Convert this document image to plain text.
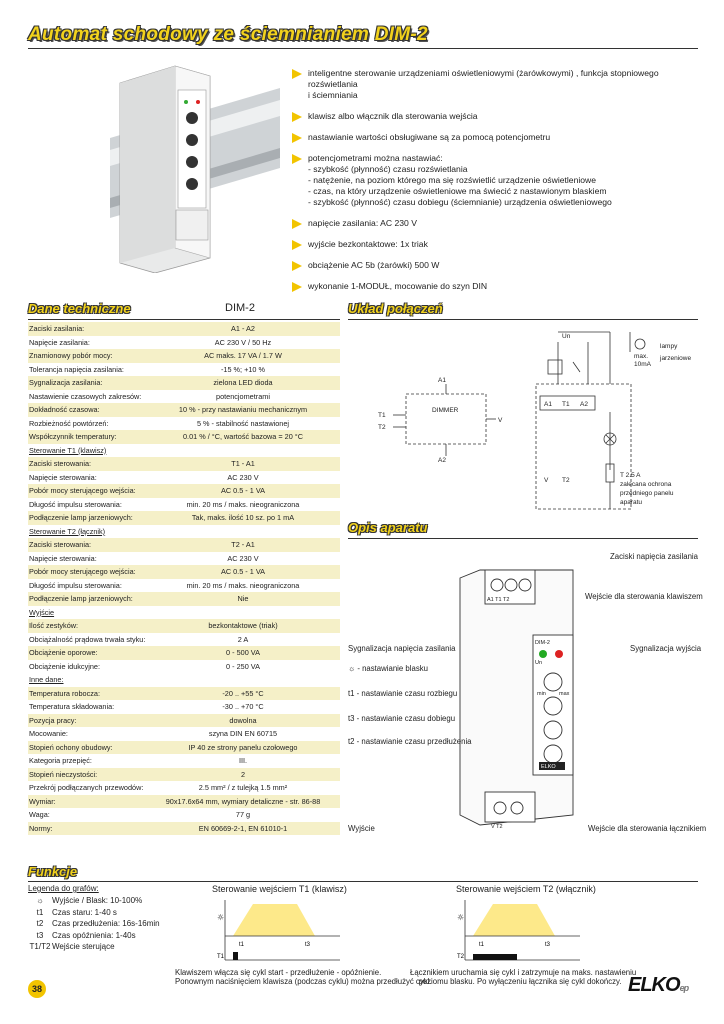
Automat schodowy ze ściemnianiem DIM-2
inteligentne sterowanie urządzeniami oświetleniowymi (żarówkowymi) , funkcja stopniowego rozświetlania
i ściemniania
klawisz albo włącznik dla sterowania wejścia
nastawianie wartości obsługiwane są za pomocą potencjometru
potencjometrami można nastawiać:
- szybkość (płynność) czasu rozświetlania
- natężenie, na poziom którego ma się rozświetlić urządzenie oświetleniowe
- czas, na który urządzenie oświetleniowe ma świecić z nastawionym blaskiem
- szybkość (płynność) czasu dobiegu (ściemnianie) urządzenia oświetleniowego
napięcie zasilania: AC 230 V
wyjście bezkontaktowe: 1x triak
obciążenie AC 5b (żarówki) 500 W
wykonanie 1-MODUŁ, mocowanie do szyn DIN
Dane techniczne	DIM-2
Zaciski zasilania:	A1 - A2
Napięcie zasilania:	AC 230 V / 50 Hz
Znamionowy pobór mocy:	AC maks. 17 VA / 1.7 W
Tolerancja napięcia zasilania:	-15 %; +10 %
Sygnalizacja zasilania:	zielona LED dioda
Nastawienie czasowych zakresów:	potencjometrami
Dokładność czasowa:	10 % - przy nastawianiu mechanicznym
Rozbieżność powtórzeń:	5 % - stabilność nastawionej
Współczynnik temperatury:	0.01 % / °C, wartość bazowa = 20 °C
Sterowanie T1 (klawisz)
Zaciski sterowania:	T1 - A1
Napięcie sterowania:	AC 230 V
Pobór mocy sterującego wejścia:	AC 0.5 - 1 VA
Długość impulsu sterowania:	min. 20 ms / maks. nieograniczona
Podłączenie lamp jarzeniowych:	Tak, maks. ilość 10 sz. po 1 mA
Sterowanie T2 (łącznik)
Zaciski sterowania:	T2 - A1
Napięcie sterowania:	AC 230 V
Pobór mocy sterującego wejścia:	AC 0.5 - 1 VA
Długość impulsu sterowania:	min. 20 ms / maks. nieograniczona
Podłączenie lamp jarzeniowych:	Nie
Wyjście
Ilość zestyków:	bezkontaktowe (triak)
Obciążalność prądowa trwała styku:	2 A
Obciążenie oporowe:	0 - 500 VA
Obciążenie idukcyjne:	0 - 250 VA
Inne dane:
Temperatura robocza:	-20 .. +55 °C
Temperatura składowania:	-30 .. +70 °C
Pozycja pracy:	dowolna
Mocowanie:	szyna DIN EN 60715
Stopień ochony obudowy:	IP 40 ze strony panelu czołowego
Kategoria przepięć:	III.
Stopień nieczystości:	2
Przekrój podłączanych przewodów:	2.5 mm² / z tulejką 1.5 mm²
Wymiar:	90x17.6x64 mm, wymiary detaliczne - str. 86-88
Waga:	77 g
Normy:	EN 60669-2-1, EN 61010-1
Układ połączeń
A1
A2
T1
T2
V
DIMMER
Un
lampy
jarzeniowe
max.
10mA
A1 T1 A2
V T2
T 2.5 A
zalecana ochrona
przedniego panelu
aparatu
Opis aparatu
DIM-2
Un
A1 T1 T2
V T2
ELKO
min max
Zaciski napięcia zasilania
Wejście dla sterowania klawiszem
Sygnalizacja napięcia zasilania	Sygnalizacja wyjścia
☼ - nastawianie blasku
t1 - nastawianie czasu rozbiegu
t3 - nastawianie czasu dobiegu
t2 - nastawianie czasu przedłużenia
Wyjście	Wejście dla sterowania łącznikiem
Funkcje
Legenda do grafów:
☼	Wyjście / Blask: 10-100%
t1	Czas staru: 1-40 s
t2	Czas przedłużenia: 16s-16min
t3	Czas opóźnienia: 1-40s
T1/T2 Wejście sterujące
Sterowanie wejściem T1 (klawisz)	Sterowanie wejściem T2 (włącznik)
☼
t1	t3
T1
☼
t1	t3
T2
Klawiszem włącza się cykl start - przedłużenie - opóźnienie.
Ponownym naciśnięciem klawisza (podczas cyklu) można przedłużyć cykl.
Łącznikiem uruchamia się cykl i zatrzymuje na maks. nastawieniu
poziomu blasku. Po wyłączeniu łącznika się cykl dokończy.
38	ELKOep
